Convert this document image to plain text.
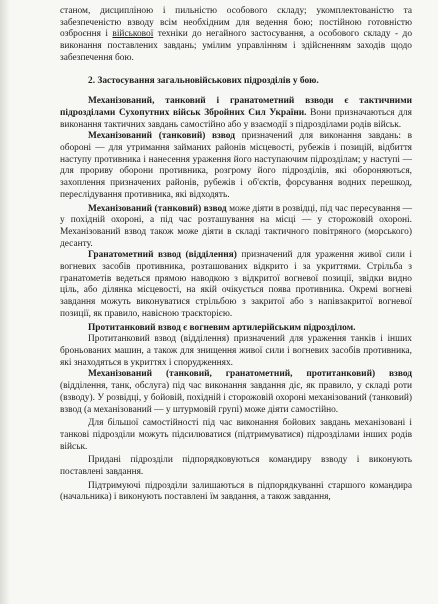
станом, дисципліною і пильністю особового складу; укомплектованістю та забезпеченістю взводу всім необхідним для ведення бою; постійною готовністю озброєння і військової техніки до негайного застосування, а особового складу - до виконання поставлених завдань; умілим управлінням і здійсненням заходів щодо забезпечення бою.

2. Застосування загальновійськових підрозділів у бою.

Механізований, танковий і гранатометний взводи є тактичними підрозділами Сухопутних військ Збройних Сил України. Вони призначаються для виконання тактичних завдань самостійно або у взаємодії з підрозділами родів військ.

Механізований (танковий) взвод призначений для виконання завдань: в обороні — для утримання займаних районів місцевості, рубежів і позицій, відбиття наступу противника і нанесення ураження його наступаючим підрозділам; у наступі — для прориву оборони противника, розгрому його підрозділів, які обороняються, захоплення призначених районів, рубежів і об'єктів, форсування водних перешкод, переслідування противника, які відходять.

Механізований (танковий) взвод може діяти в розвідці, під час пересування — у похідній охороні, а під час розташування на місці — у сторожовій охороні. Механізований взвод також може діяти в складі тактичного повітряного (морського) десанту.

Гранатометний взвод (відділення) призначений для ураження живої сили і вогневих засобів противника, розташованих відкрито і за укриттями. Стрільба з гранатометів ведеться прямою наводкою з відкритої вогневої позиції, звідки видно ціль, або ділянка місцевості, на якій очікується поява противника. Окремі вогневі завдання можуть виконуватися стрільбою з закритої або з напівзакритої вогневої позиції, як правило, навісною траєкторією.

Протитанковий взвод є вогневим артилерійським підрозділом.

Протитанковий взвод (відділення) призначений для ураження танків і інших броньованих машин, а також для знищення живої сили і вогневих засобів противника, які знаходяться в укриттях і спорудженнях.

Механізований (танковий, гранатометний, протитанковий) взвод (відділення, танк, обслуга) під час виконання завдання діє, як правило, у складі роти (взводу). У розвідці, у бойовій, похідній і сторожовій охороні механізований (танковий) взвод (а механізований — у штурмовій групі) може діяти самостійно.

Для більшої самостійності під час виконання бойових завдань механізовані і танкові підрозділи можуть підсилюватися (підтримуватися) підрозділами інших родів військ.

Придані підрозділи підпорядковуються командиру взводу і виконують поставлені завдання.

Підтримуючі підрозділи залишаються в підпорядкуванні старшого командира (начальника) і виконують поставлені їм завдання, а також завдання,
